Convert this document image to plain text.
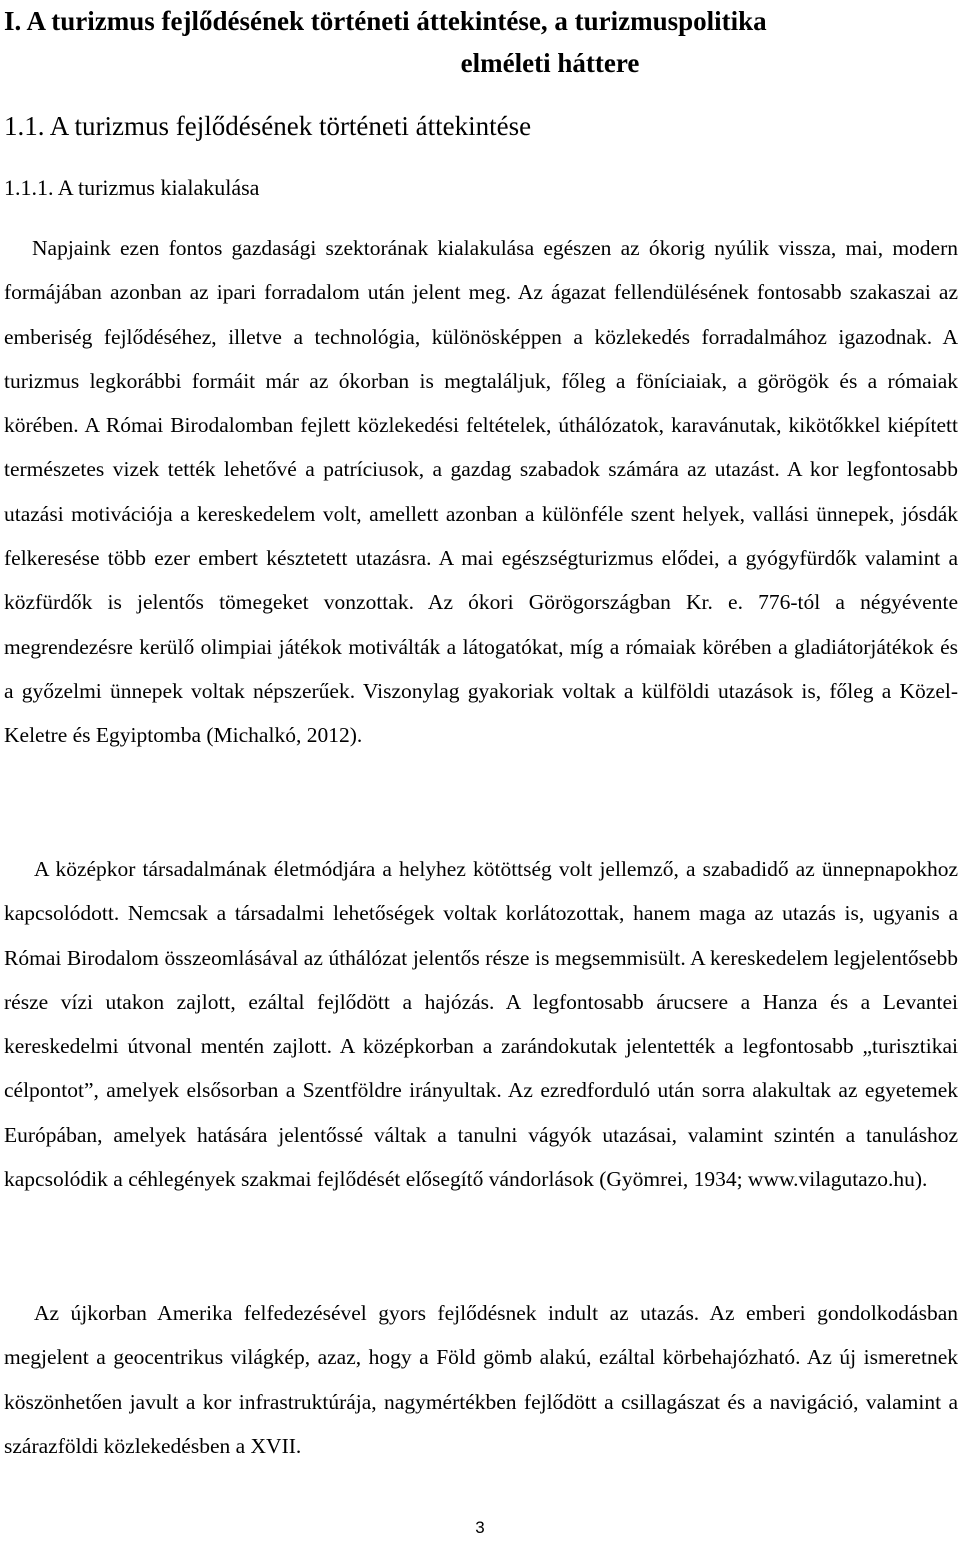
I. A turizmus fejlődésének történeti áttekintése, a turizmuspolitika
elméleti háttere
1.1. A turizmus fejlődésének történeti áttekintése
1.1.1. A turizmus kialakulása

Napjaink ezen fontos gazdasági szektorának kialakulása egészen az ókorig nyúlik vissza, mai, modern formájában azonban az ipari forradalom után jelent meg. Az ágazat fellendülésének fontosabb szakaszai az emberiség fejlődéséhez, illetve a technológia, különösképpen a közlekedés forradalmához igazodnak. A turizmus legkorábbi formáit már az ókorban is megtaláljuk, főleg a föníciaiak, a görögök és a rómaiak körében. A Római Birodalomban fejlett közlekedési feltételek, úthálózatok, karavánutak, kikötőkkel kiépített természetes vizek tették lehetővé a patríciusok, a gazdag szabadok számára az utazást. A kor legfontosabb utazási motivációja a kereskedelem volt, amellett azonban a különféle szent helyek, vallási ünnepek, jósdák felkeresése több ezer embert késztetett utazásra. A mai egészségturizmus elődei, a gyógyfürdők valamint a közfürdők is jelentős tömegeket vonzottak. Az ókori Görögországban Kr. e. 776-tól a négyévente megrendezésre kerülő olimpiai játékok motiválták a látogatókat, míg a rómaiak körében a gladiátorjátékok és a győzelmi ünnepek voltak népszerűek. Viszonylag gyakoriak voltak a külföldi utazások is, főleg a Közel-Keletre és Egyiptomba (Michalkó, 2012).

A középkor társadalmának életmódjára a helyhez kötöttség volt jellemző, a szabadidő az ünnepnapokhoz kapcsolódott. Nemcsak a társadalmi lehetőségek voltak korlátozottak, hanem maga az utazás is, ugyanis a Római Birodalom összeomlásával az úthálózat jelentős része is megsemmisült. A kereskedelem legjelentősebb része vízi utakon zajlott, ezáltal fejlődött a hajózás. A legfontosabb árucsere a Hanza és a Levantei kereskedelmi útvonal mentén zajlott. A középkorban a zarándokutak jelentették a legfontosabb „turisztikai célpontot”, amelyek elsősorban a Szentföldre irányultak. Az ezredforduló után sorra alakultak az egyetemek Európában, amelyek hatására jelentőssé váltak a tanulni vágyók utazásai, valamint szintén a tanuláshoz kapcsolódik a céhlegények szakmai fejlődését elősegítő vándorlások (Gyömrei, 1934; www.vilagutazo.hu).

Az újkorban Amerika felfedezésével gyors fejlődésnek indult az utazás. Az emberi gondolkodásban megjelent a geocentrikus világkép, azaz, hogy a Föld gömb alakú, ezáltal körbehajózható. Az új ismeretnek köszönhetően javult a kor infrastruktúrája, nagymértékben fejlődött a csillagászat és a navigáció, valamint a szárazföldi közlekedésben a XVII.

3
